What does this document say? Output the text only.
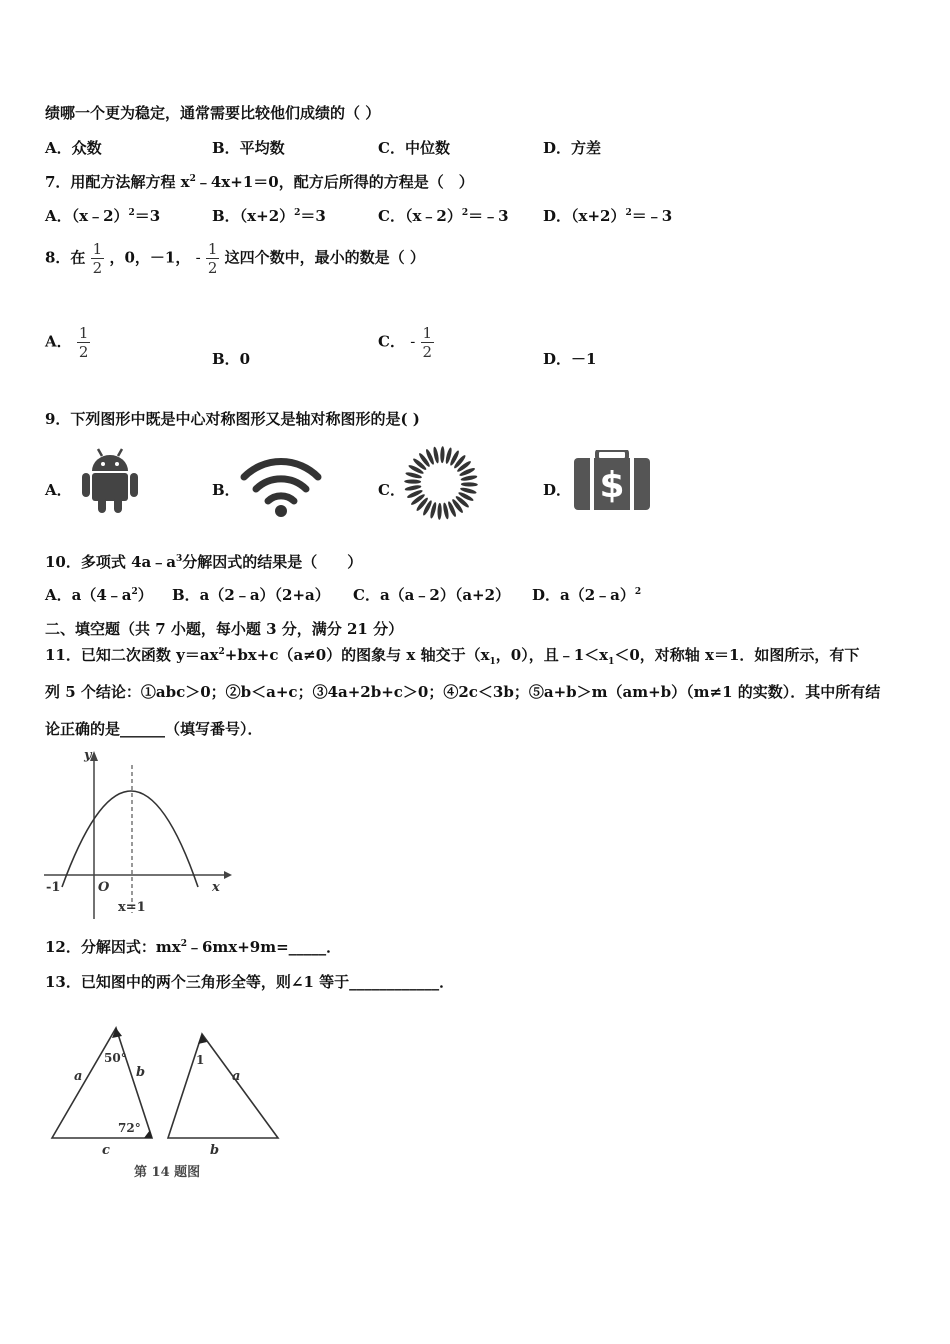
绩哪一个更为稳定，通常需要比较他们成绩的（ ）
A．众数	B．平均数	C．中位数	D．方差
7．用配方法解方程 $x^2﹣4x+1=0$，配方后所得的方程是（　）
A．（x﹣2）$^2$＝3	B．$(x+2)^2=3$	C．（x﹣2）$^2$＝﹣3 D．$(x+2)^2=﹣3$
8．在 $\frac{1}{2}$ ，0，－1， - $\frac{1}{2}$ 这四个数中，最小的数是（ ）
A． $\frac{1}{2}$	B．0
C． - $\frac{1}{2}$	D．－1
9．下列图形中既是中心对称图形又是轴对称图形的是( )
A．	B．	C．	D． $
10．多项式 $4a﹣a^3$分解因式的结果是（　　）
A．$a(4﹣a^2)$ B．a（2﹣a）（2+a） C．a（a﹣2）（a+2） D．a（2﹣a）$^2$
二、填空题（共 7 小题，每小题 3 分，满分 21 分）
11．已知二次函数 $y=ax^2+bx+c(a\ne 0)$的图象与 x 轴交于（$x_1$，0），且$﹣1<x_1<0$，对称轴 x＝1．如图所示，有下
列 5 个结论：①abc＞0；②b＜a+c；③4a+2b+c＞0；④2c＜3b；⑤a+b＞m（am+b）（m≠1 的实数）．其中所有结
论正确的是______（填写番号）．
y
x
O
-1
x=1
12．分解因式：$mx^2﹣6mx+9m=\_\_\_\_\_$．
13．已知图中的两个三角形全等，则∠1 等于____________．
50°
72°
a	b
c
1
a
b
第 14 题图
